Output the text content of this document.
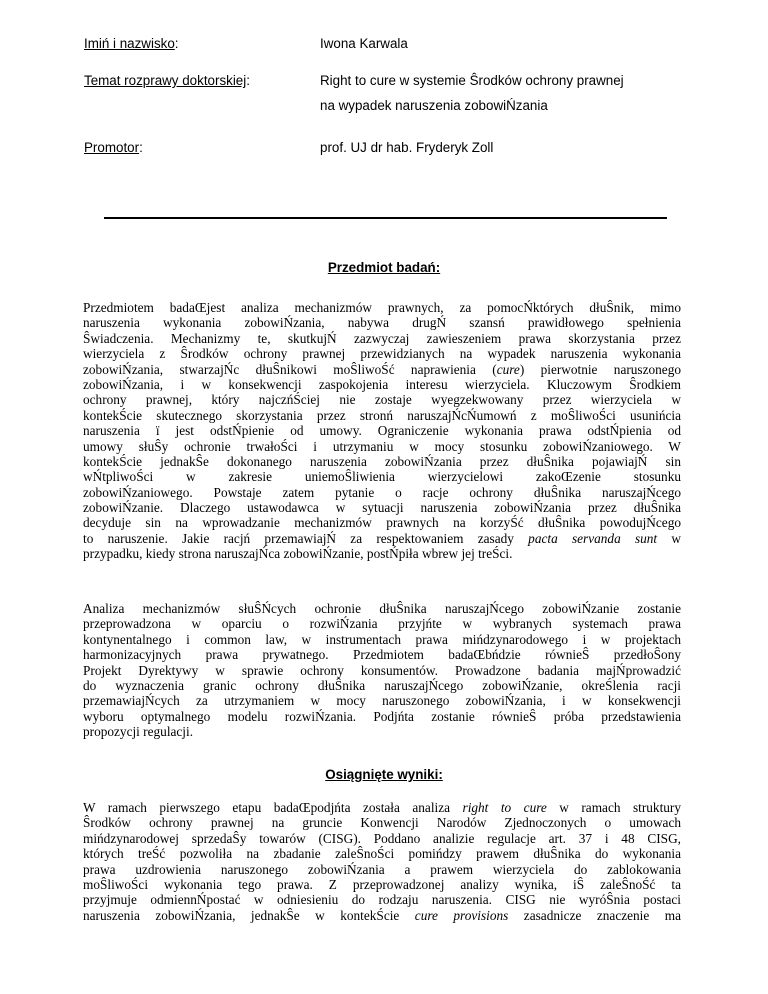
Imiń i nazwisko:	Iwona Karwala
Temat rozprawy doktorskiej:	Right to cure w systemie Ŝrodków ochrony prawnej
na wypadek naruszenia zobowiŃzania
Promotor:	prof. UJ dr hab. Fryderyk Zoll
Przedmiot badań:
Przedmiotem badaŒjest analiza mechanizmów prawnych, za pomocŃktórych dłuŜnik, mimo
naruszenia wykonania zobowiŃzania, nabywa drugŃ szansń prawidłowego spełnienia
Ŝwiadczenia. Mechanizmy te, skutkujŃ zazwyczaj zawieszeniem prawa skorzystania przez
wierzyciela z Ŝrodków ochrony prawnej przewidzianych na wypadek naruszenia wykonania
zobowiŃzania, stwarzajŃc dłuŜnikowi moŜliwoŚć naprawienia (cure) pierwotnie naruszonego
zobowiŃzania, i w konsekwencji zaspokojenia interesu wierzyciela. Kluczowym Ŝrodkiem
ochrony prawnej, który najczńŚciej nie zostaje wyegzekwowany przez wierzyciela w
kontekŚcie skutecznego skorzystania przez stronń naruszajŃcŃumowń z moŜliwoŚci usunińcia
naruszenia ï jest odstŃpienie od umowy. Ograniczenie wykonania prawa odstŃpienia od
umowy słuŜy ochronie trwałoŚci i utrzymaniu w mocy stosunku zobowiŃzaniowego. W
kontekŚcie jednakŜe dokonanego naruszenia zobowiŃzania przez dłuŜnika pojawiajŃ sin
wŃtpliwoŚci w zakresie uniemoŜliwienia wierzycielowi zakoŒzenie stosunku
zobowiŃzaniowego. Powstaje zatem pytanie o racje ochrony dłuŜnika naruszajŃcego
zobowiŃzanie. Dlaczego ustawodawca w sytuacji naruszenia zobowiŃzania przez dłuŜnika
decyduje sin na wprowadzanie mechanizmów prawnych na korzyŚć dłuŜnika powodujŃcego
to naruszenie. Jakie racjń przemawiajŃ za respektowaniem zasady pacta servanda sunt w
przypadku, kiedy strona naruszajŃca zobowiŃzanie, postŃpiła wbrew jej treŚci.
Analiza mechanizmów słuŜŃcych ochronie dłuŜnika naruszajŃcego zobowiŃzanie zostanie
przeprowadzona w oparciu o rozwiŃzania przyjńte w wybranych systemach prawa
kontynentalnego i common law, w instrumentach prawa mińdzynarodowego i w projektach
harmonizacyjnych prawa prywatnego. Przedmiotem badaŒbńdzie równieŜ przedłoŜony
Projekt Dyrektywy w sprawie ochrony konsumentów. Prowadzone badania majŃprowadzić
do wyznaczenia granic ochrony dłuŜnika naruszajŃcego zobowiŃzanie, okreŚlenia racji
przemawiajŃcych za utrzymaniem w mocy naruszonego zobowiŃzania, i w konsekwencji
wyboru optymalnego modelu rozwiŃzania. Podjńta zostanie równieŜ próba przedstawienia
propozycji regulacji.
Osiągnięte wyniki:
W ramach pierwszego etapu badaŒpodjńta została analiza right to cure w ramach struktury
Ŝrodków ochrony prawnej na gruncie Konwencji Narodów Zjednoczonych o umowach
mińdzynarodowej sprzedaŜy towarów (CISG). Poddano analizie regulacje art. 37 i 48 CISG,
których treŚć pozwoliła na zbadanie zaleŜnoŚci pomińdzy prawem dłuŜnika do wykonania
prawa uzdrowienia naruszonego zobowiŃzania a prawem wierzyciela do zablokowania
moŜliwoŚci wykonania tego prawa. Z przeprowadzonej analizy wynika, iŜ zaleŜnoŚć ta
przyjmuje odmiennŃpostać w odniesieniu do rodzaju naruszenia. CISG nie wyróŜnia postaci
naruszenia zobowiŃzania, jednakŜe w kontekŚcie cure provisions zasadnicze znaczenie ma
